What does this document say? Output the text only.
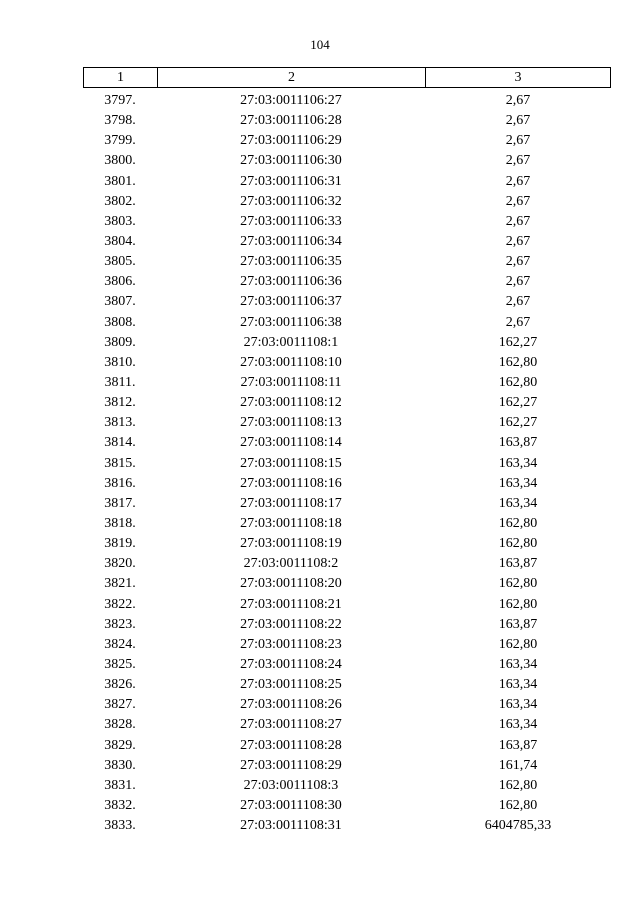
104
1	2	3
3797.	27:03:0011106:27	2,67
3798.	27:03:0011106:28	2,67
3799.	27:03:0011106:29	2,67
3800.	27:03:0011106:30	2,67
3801.	27:03:0011106:31	2,67
3802.	27:03:0011106:32	2,67
3803.	27:03:0011106:33	2,67
3804.	27:03:0011106:34	2,67
3805.	27:03:0011106:35	2,67
3806.	27:03:0011106:36	2,67
3807.	27:03:0011106:37	2,67
3808.	27:03:0011106:38	2,67
3809.	27:03:0011108:1	162,27
3810.	27:03:0011108:10	162,80
3811.	27:03:0011108:11	162,80
3812.	27:03:0011108:12	162,27
3813.	27:03:0011108:13	162,27
3814.	27:03:0011108:14	163,87
3815.	27:03:0011108:15	163,34
3816.	27:03:0011108:16	163,34
3817.	27:03:0011108:17	163,34
3818.	27:03:0011108:18	162,80
3819.	27:03:0011108:19	162,80
3820.	27:03:0011108:2	163,87
3821.	27:03:0011108:20	162,80
3822.	27:03:0011108:21	162,80
3823.	27:03:0011108:22	163,87
3824.	27:03:0011108:23	162,80
3825.	27:03:0011108:24	163,34
3826.	27:03:0011108:25	163,34
3827.	27:03:0011108:26	163,34
3828.	27:03:0011108:27	163,34
3829.	27:03:0011108:28	163,87
3830.	27:03:0011108:29	161,74
3831.	27:03:0011108:3	162,80
3832.	27:03:0011108:30	162,80
3833.	27:03:0011108:31	6404785,33
